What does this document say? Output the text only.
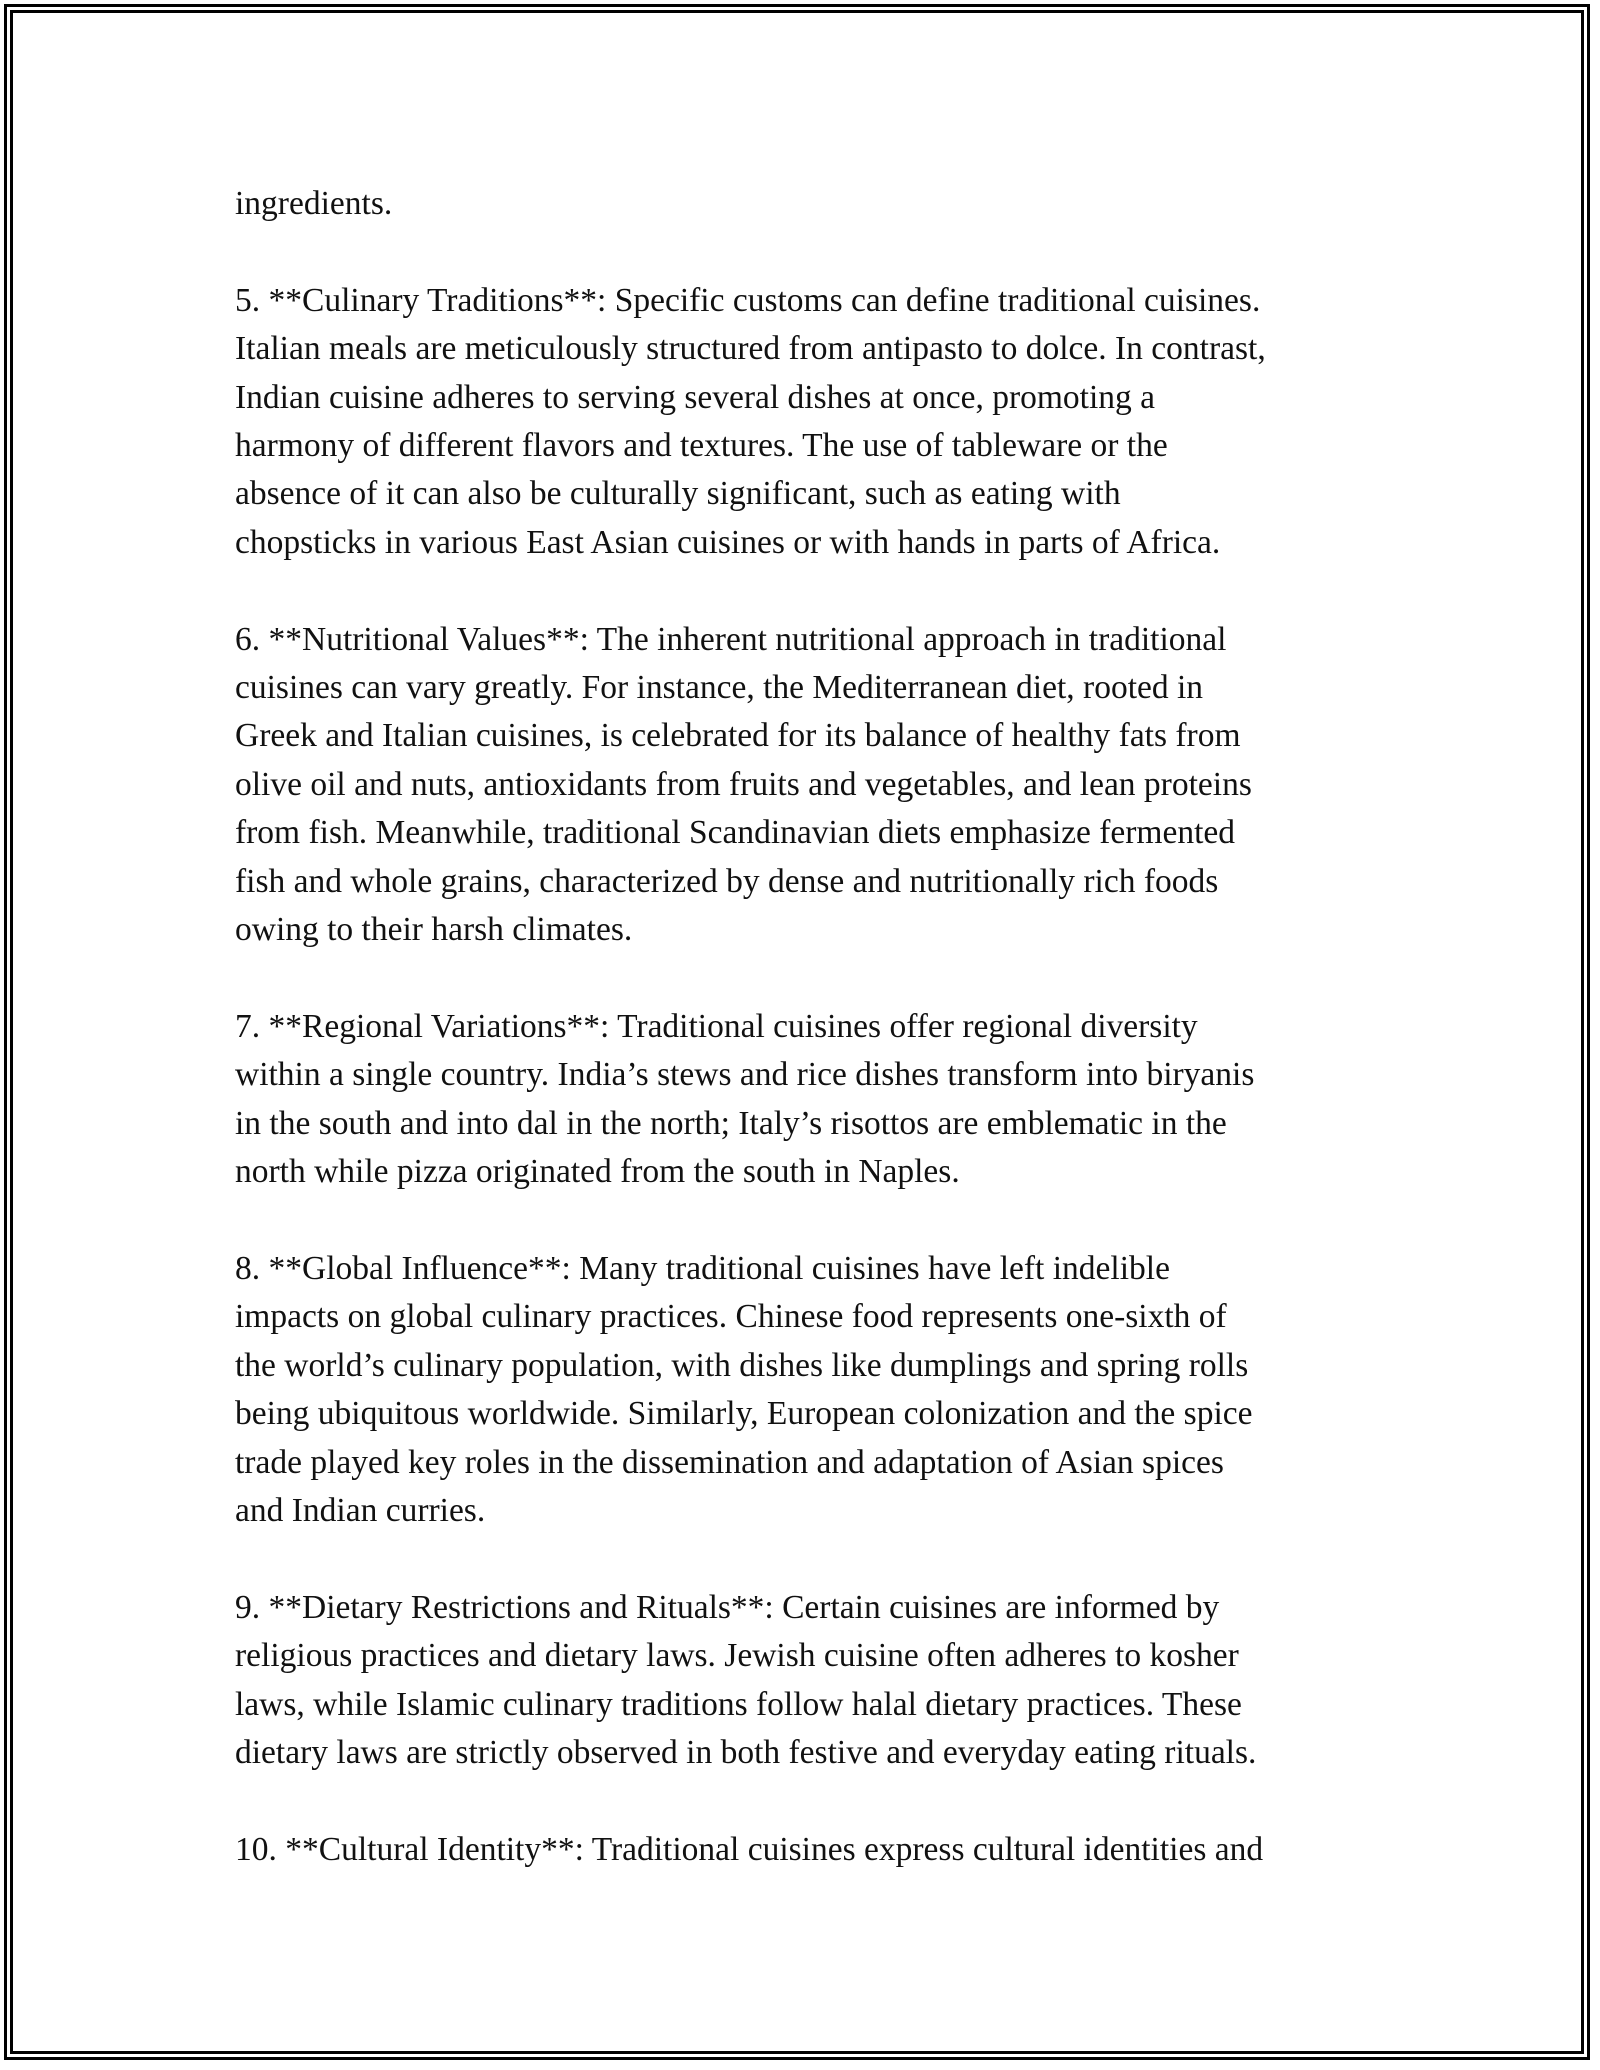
ingredients.

5. **Culinary Traditions**: Specific customs can define traditional cuisines.
Italian meals are meticulously structured from antipasto to dolce. In contrast,
Indian cuisine adheres to serving several dishes at once, promoting a
harmony of different flavors and textures. The use of tableware or the
absence of it can also be culturally significant, such as eating with
chopsticks in various East Asian cuisines or with hands in parts of Africa.

6. **Nutritional Values**: The inherent nutritional approach in traditional
cuisines can vary greatly. For instance, the Mediterranean diet, rooted in
Greek and Italian cuisines, is celebrated for its balance of healthy fats from
olive oil and nuts, antioxidants from fruits and vegetables, and lean proteins
from fish. Meanwhile, traditional Scandinavian diets emphasize fermented
fish and whole grains, characterized by dense and nutritionally rich foods
owing to their harsh climates.

7. **Regional Variations**: Traditional cuisines offer regional diversity
within a single country. India’s stews and rice dishes transform into biryanis
in the south and into dal in the north; Italy’s risottos are emblematic in the
north while pizza originated from the south in Naples.

8. **Global Influence**: Many traditional cuisines have left indelible
impacts on global culinary practices. Chinese food represents one-sixth of
the world’s culinary population, with dishes like dumplings and spring rolls
being ubiquitous worldwide. Similarly, European colonization and the spice
trade played key roles in the dissemination and adaptation of Asian spices
and Indian curries.

9. **Dietary Restrictions and Rituals**: Certain cuisines are informed by
religious practices and dietary laws. Jewish cuisine often adheres to kosher
laws, while Islamic culinary traditions follow halal dietary practices. These
dietary laws are strictly observed in both festive and everyday eating rituals.

10. **Cultural Identity**: Traditional cuisines express cultural identities and
